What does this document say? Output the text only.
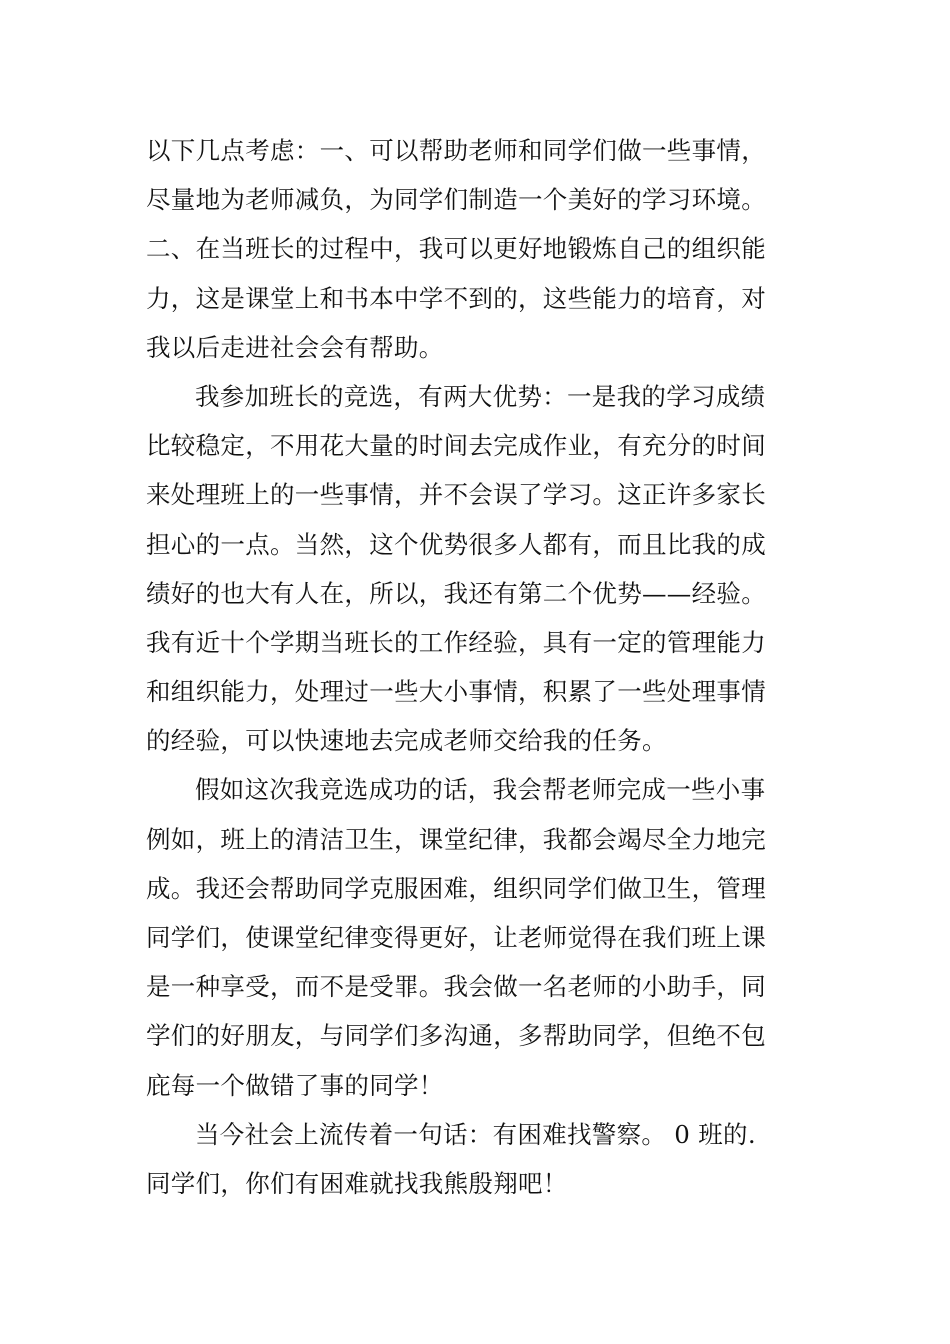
以下几点考虑：一、可以帮助老师和同学们做一些事情，
尽量地为老师减负，为同学们制造一个美好的学习环境。
二、在当班长的过程中，我可以更好地锻炼自己的组织能
力，这是课堂上和书本中学不到的，这些能力的培育，对
我以后走进社会会有帮助。
我参加班长的竞选，有两大优势：一是我的学习成绩
比较稳定，不用花大量的时间去完成作业，有充分的时间
来处理班上的一些事情，并不会误了学习。这正许多家长
担心的一点。当然，这个优势很多人都有，而且比我的成
绩好的也大有人在，所以，我还有第二个优势——经验。
我有近十个学期当班长的工作经验，具有一定的管理能力
和组织能力，处理过一些大小事情，积累了一些处理事情
的经验，可以快速地去完成老师交给我的任务。
假如这次我竞选成功的话，我会帮老师完成一些小事
例如，班上的清洁卫生，课堂纪律，我都会竭尽全力地完
成。我还会帮助同学克服困难，组织同学们做卫生，管理
同学们，使课堂纪律变得更好，让老师觉得在我们班上课
是一种享受，而不是受罪。我会做一名老师的小助手，同
学们的好朋友，与同学们多沟通，多帮助同学，但绝不包
庇每一个做错了事的同学！
当今社会上流传着一句话：有困难找警察。 0 班的.
同学们，你们有困难就找我熊殷翔吧！
